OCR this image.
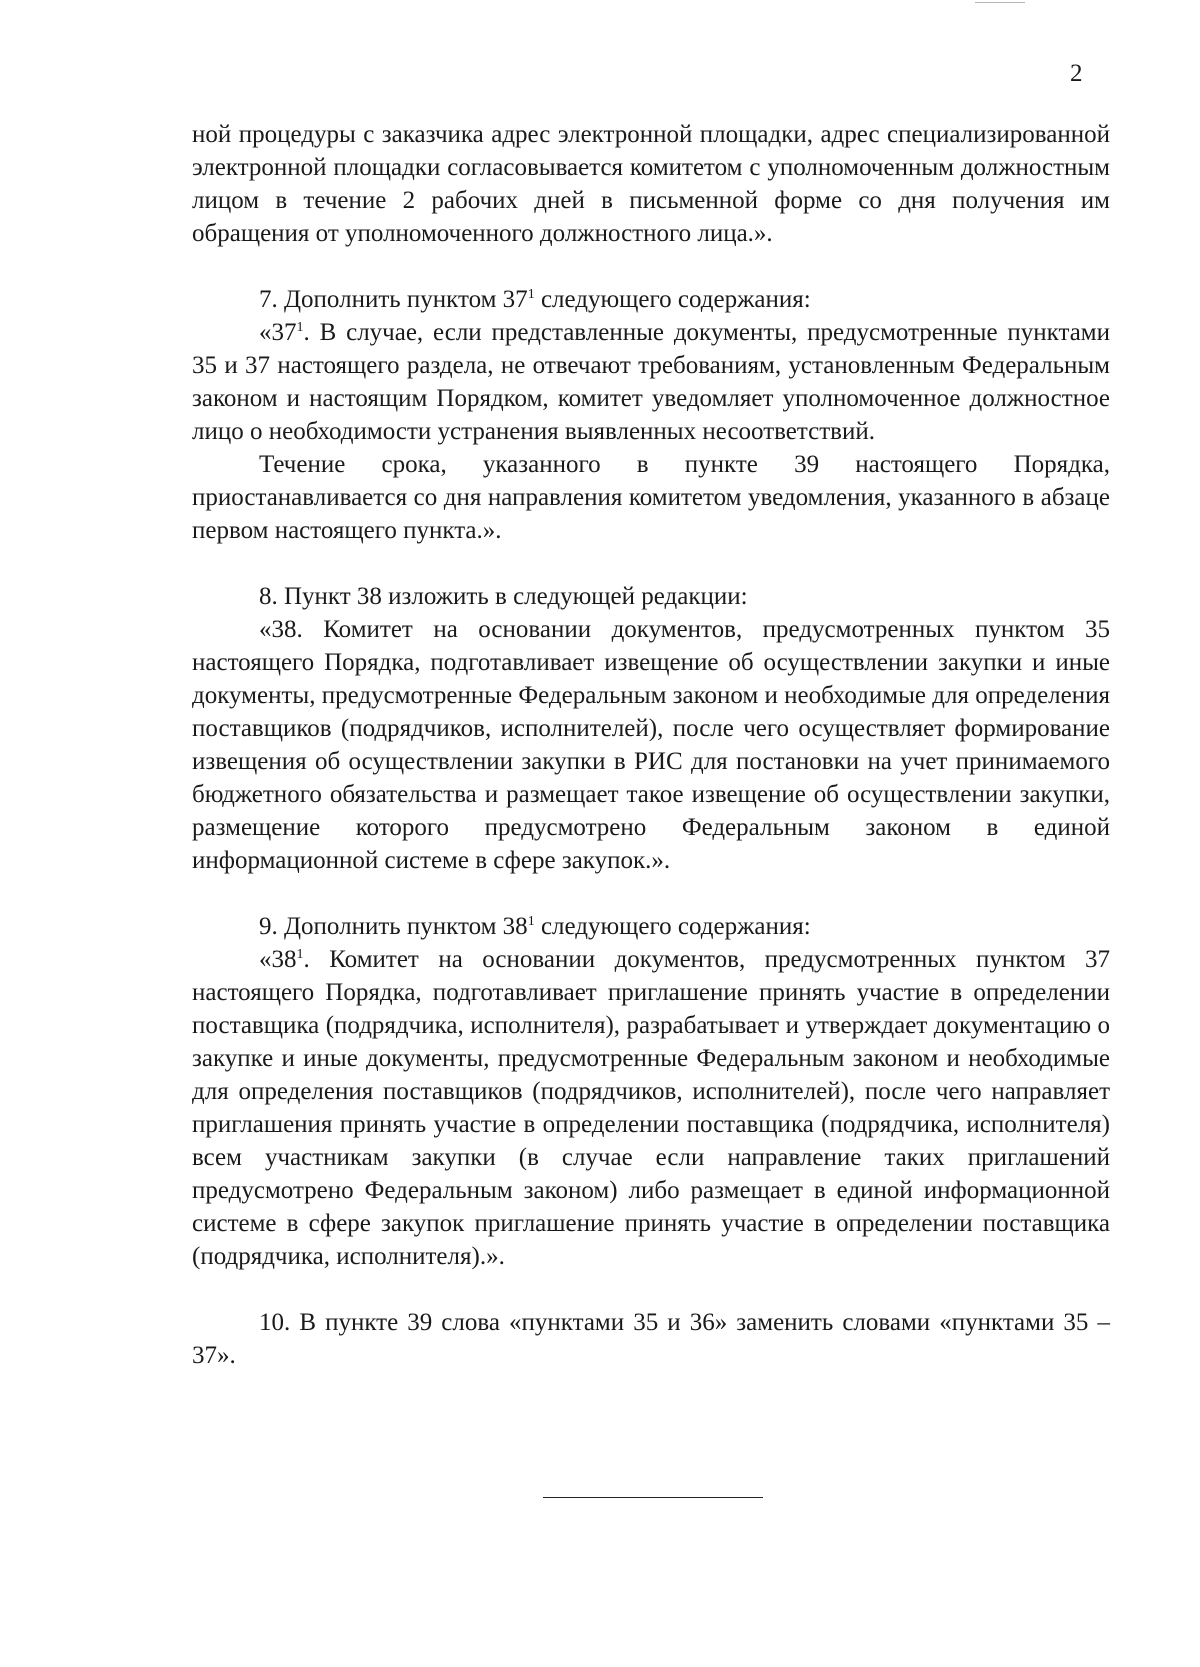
2

ной процедуры с заказчика адрес электронной площадки, адрес специализированной электронной площадки согласовывается комитетом с уполномоченным должностным лицом в течение 2 рабочих дней в письменной форме со дня получения им обращения от уполномоченного должностного лица.».

7. Дополнить пунктом $37^1$ следующего содержания:

«$37^1$. В случае, если представленные документы, предусмотренные пунктами 35 и 37 настоящего раздела, не отвечают требованиям, установленным Федеральным законом и настоящим Порядком, комитет уведомляет уполномоченное должностное лицо о необходимости устранения выявленных несоответствий.

Течение срока, указанного в пункте 39 настоящего Порядка, приостанавливается со дня направления комитетом уведомления, указанного в абзаце первом настоящего пункта.».

8. Пункт 38 изложить в следующей редакции:

«38. Комитет на основании документов, предусмотренных пунктом 35 настоящего Порядка, подготавливает извещение об осуществлении закупки и иные документы, предусмотренные Федеральным законом и необходимые для определения поставщиков (подрядчиков, исполнителей), после чего осуществляет формирование извещения об осуществлении закупки в РИС для постановки на учет принимаемого бюджетного обязательства и размещает такое извещение об осуществлении закупки, размещение которого предусмотрено Федеральным законом в единой информационной системе в сфере закупок.».

9. Дополнить пунктом $38^1$ следующего содержания:

«$38^1$. Комитет на основании документов, предусмотренных пунктом 37 настоящего Порядка, подготавливает приглашение принять участие в определении поставщика (подрядчика, исполнителя), разрабатывает и утверждает документацию о закупке и иные документы, предусмотренные Федеральным законом и необходимые для определения поставщиков (подрядчиков, исполнителей), после чего направляет приглашения принять участие в определении поставщика (подрядчика, исполнителя) всем участникам закупки (в случае если направление таких приглашений предусмотрено Федеральным законом) либо размещает в единой информационной системе в сфере закупок приглашение принять участие в определении поставщика (подрядчика, исполнителя).».

10. В пункте 39 слова «пунктами 35 и 36» заменить словами «пунктами 35 – 37».
